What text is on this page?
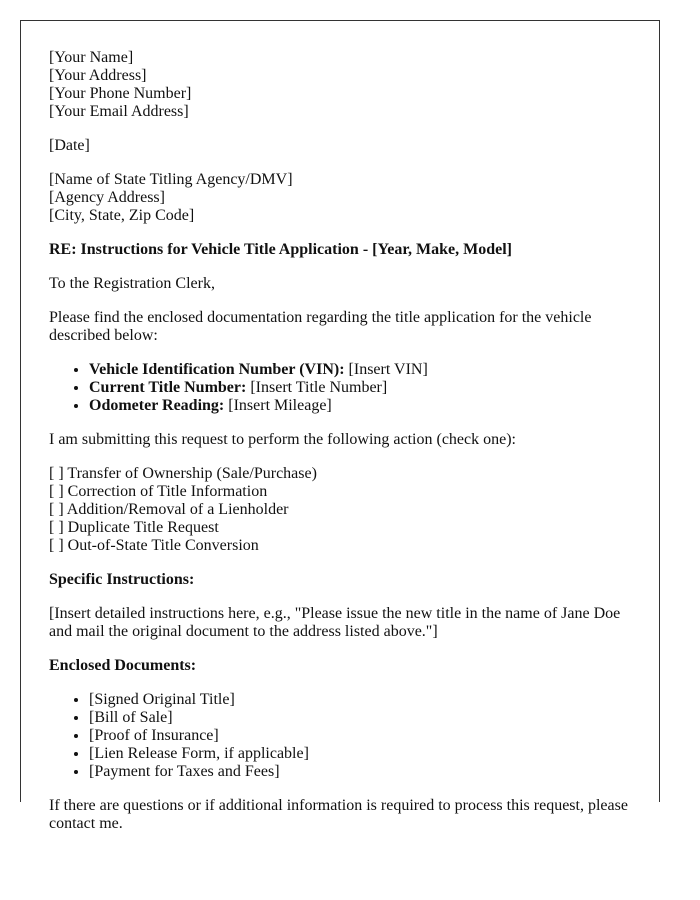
[Your Name]
[Your Address]
[Your Phone Number]
[Your Email Address]
[Date]
[Name of State Titling Agency/DMV]
[Agency Address]
[City, State, Zip Code]

RE: Instructions for Vehicle Title Application - [Year, Make, Model]

To the Registration Clerk,

Please find the enclosed documentation regarding the title application for the vehicle described below:

• Vehicle Identification Number (VIN): [Insert VIN]
• Current Title Number: [Insert Title Number]
• Odometer Reading: [Insert Mileage]

I am submitting this request to perform the following action (check one):

[ ] Transfer of Ownership (Sale/Purchase)
[ ] Correction of Title Information
[ ] Addition/Removal of a Lienholder
[ ] Duplicate Title Request
[ ] Out-of-State Title Conversion

Specific Instructions:

[Insert detailed instructions here, e.g., "Please issue the new title in the name of Jane Doe and mail the original document to the address listed above."]

Enclosed Documents:

• [Signed Original Title]
• [Bill of Sale]
• [Proof of Insurance]
• [Lien Release Form, if applicable]
• [Payment for Taxes and Fees]

If there are questions or if additional information is required to process this request, please contact me.
